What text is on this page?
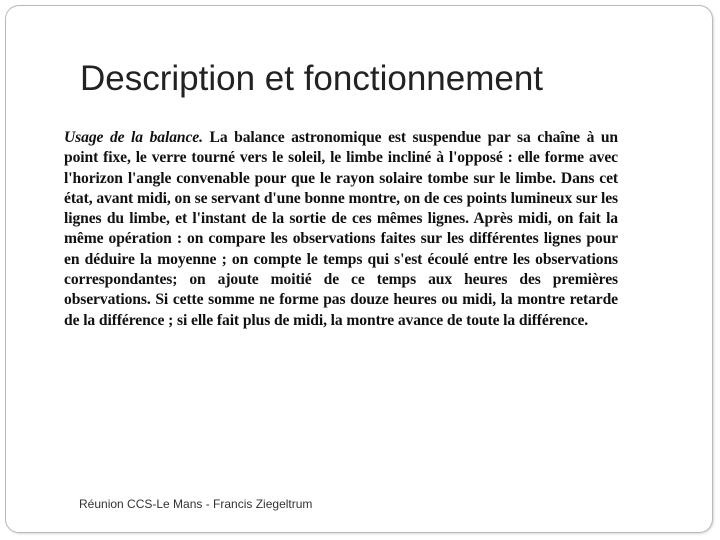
Description et fonctionnement

Usage de la balance. La balance astronomique est suspendue par sa chaîne à un point fixe, le verre tourné vers le soleil, le limbe incliné à l'opposé : elle forme avec l'horizon l'angle convenable pour que le rayon solaire tombe sur le limbe. Dans cet état, avant midi, on se servant d'une bonne montre, on de ces points lumineux sur les lignes du limbe, et l'instant de la sortie de ces mêmes lignes. Après midi, on fait la même opération : on compare les observations faites sur les différentes lignes pour en déduire la moyenne ; on compte le temps qui s'est écoulé entre les observations correspondantes; on ajoute moitié de ce temps aux heures des premières observations. Si cette somme ne forme pas douze heures ou midi, la montre retarde de la différence ; si elle fait plus de midi, la montre avance de toute la différence.

Réunion CCS-Le Mans - Francis Ziegeltrum
